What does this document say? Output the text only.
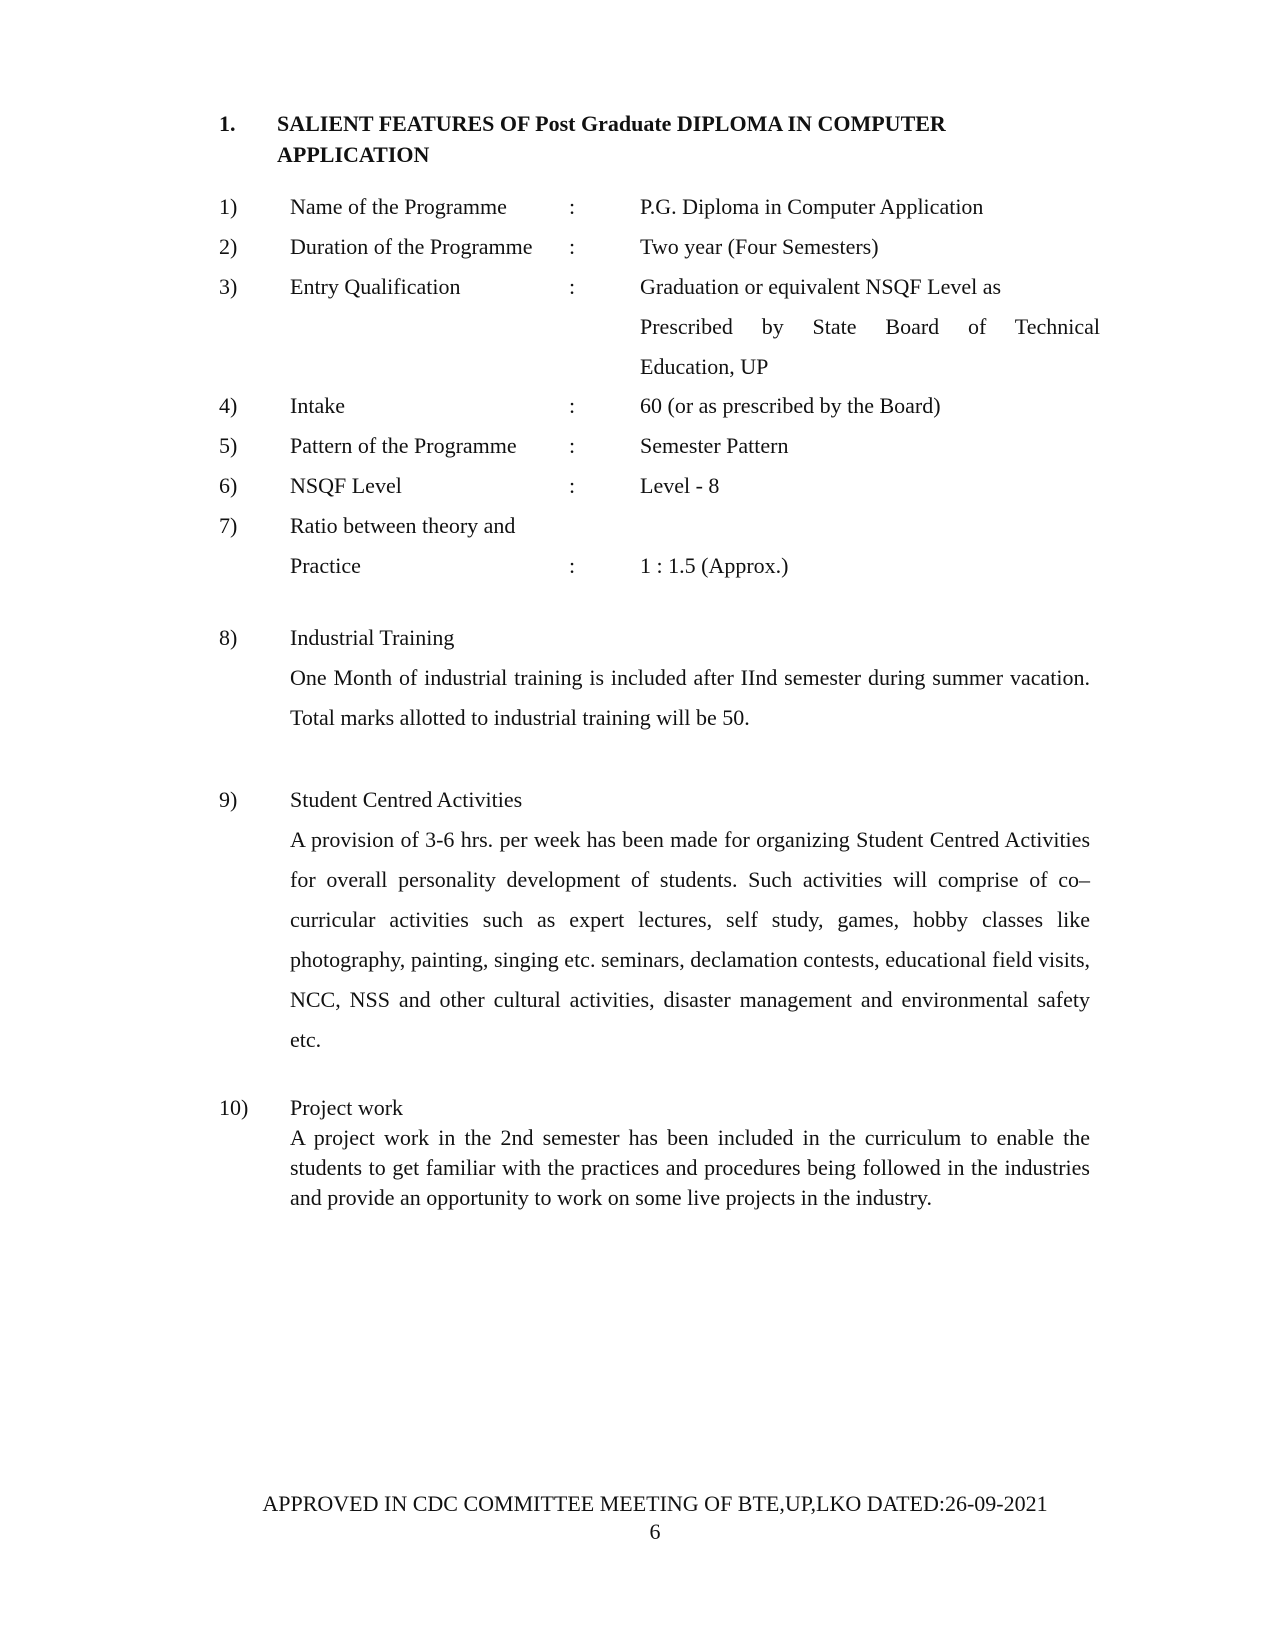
1. SALIENT FEATURES OF Post Graduate DIPLOMA IN COMPUTER APPLICATION
1) Name of the Programme	:	P.G. Diploma in Computer Application
2) Duration of the Programme :	Two year (Four Semesters)
3) Entry Qualification	:	Graduation or equivalent NSQF Level as
Prescribed by State Board of Technical
Education, UP
4) Intake	:	60 (or as prescribed by the Board)
5) Pattern of the Programme :	Semester Pattern
6) NSQF Level	:	Level - 8
7) Ratio between theory and
Practice	:	1 : 1.5 (Approx.)
8) Industrial Training
One Month of industrial training is included after IInd semester during summer vacation. Total marks allotted to industrial training will be 50.
9) Student Centred Activities
A provision of 3-6 hrs. per week has been made for organizing Student Centred Activities for overall personality development of students. Such activities will comprise of co–curricular activities such as expert lectures, self study, games, hobby classes like photography, painting, singing etc. seminars, declamation contests, educational field visits, NCC, NSS and other cultural activities, disaster management and environmental safety etc.
10) Project work
A project work in the 2nd semester has been included in the curriculum to enable the students to get familiar with the practices and procedures being followed in the industries and provide an opportunity to work on some live projects in the industry.
APPROVED IN CDC COMMITTEE MEETING OF BTE,UP,LKO DATED:26-09-2021
6
